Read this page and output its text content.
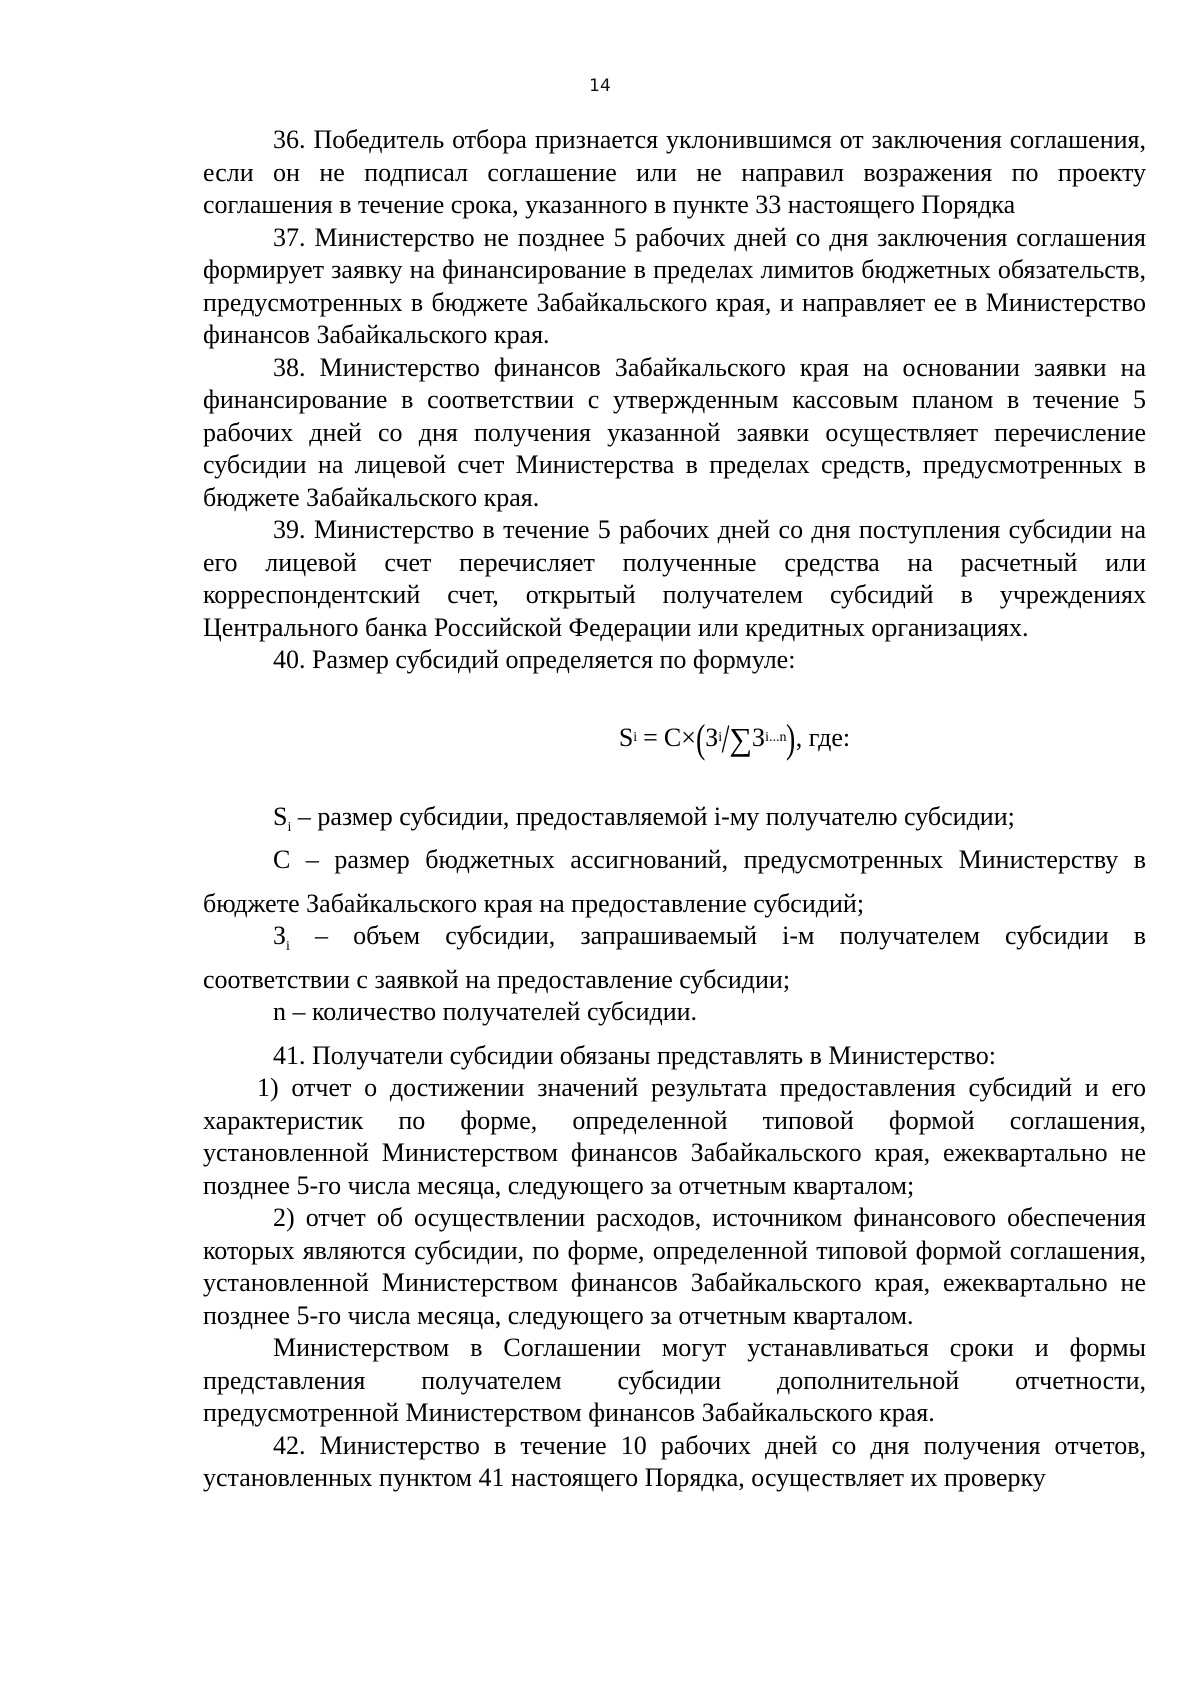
14

36. Победитель отбора признается уклонившимся от заключения соглашения, если он не подписал соглашение или не направил возражения по проекту соглашения в течение срока, указанного в пункте 33 настоящего Порядка

37. Министерство не позднее 5 рабочих дней со дня заключения соглашения формирует заявку на финансирование в пределах лимитов бюджетных обязательств, предусмотренных в бюджете Забайкальского края, и направляет ее в Министерство финансов Забайкальского края.

38. Министерство финансов Забайкальского края на основании заявки на финансирование в соответствии с утвержденным кассовым планом в течение 5 рабочих дней со дня получения указанной заявки осуществляет перечисление субсидии на лицевой счет Министерства в пределах средств, предусмотренных в бюджете Забайкальского края.

39. Министерство в течение 5 рабочих дней со дня поступления субсидии на его лицевой счет перечисляет полученные средства на расчетный или корреспондентский счет, открытый получателем субсидий в учреждениях Центрального банка Российской Федерации или кредитных организациях.

40. Размер субсидий определяется по формуле:

S i = C × ( З i / ∑ З i...n ) , где:

$S_i$ – размер субсидии, предоставляемой i-му получателю субсидии;

C – размер бюджетных ассигнований, предусмотренных Министерству в бюджете Забайкальского края на предоставление субсидий;

$З_i$ – объем субсидии, запрашиваемый i-м получателем субсидии в соответствии с заявкой на предоставление субсидии;

n – количество получателей субсидии.

41. Получатели субсидии обязаны представлять в Министерство:

1) отчет о достижении значений результата предоставления субсидий и его характеристик по форме, определенной типовой формой соглашения, установленной Министерством финансов Забайкальского края, ежеквартально не позднее 5-го числа месяца, следующего за отчетным кварталом;

2) отчет об осуществлении расходов, источником финансового обеспечения которых являются субсидии, по форме, определенной типовой формой соглашения, установленной Министерством финансов Забайкальского края, ежеквартально не позднее 5-го числа месяца, следующего за отчетным кварталом.

Министерством в Соглашении могут устанавливаться сроки и формы представления получателем субсидии дополнительной отчетности, предусмотренной Министерством финансов Забайкальского края.

42. Министерство в течение 10 рабочих дней со дня получения отчетов, установленных пунктом 41 настоящего Порядка, осуществляет их проверку
